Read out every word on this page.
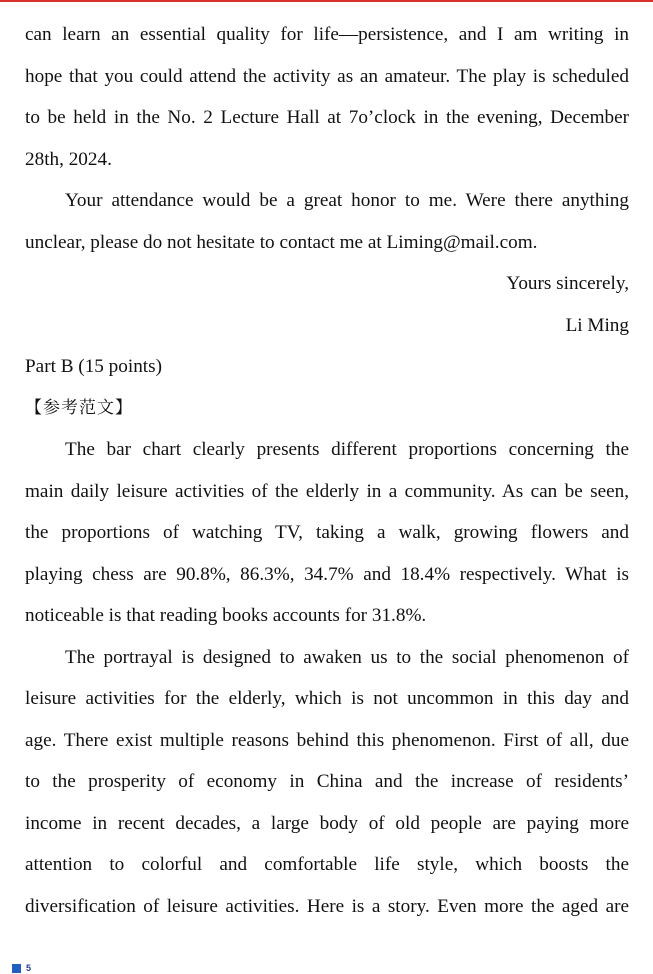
can learn an essential quality for life—persistence, and I am writing in
hope that you could attend the activity as an amateur. The play is scheduled
to be held in the No. 2 Lecture Hall at 7o’clock in the evening, December
28th, 2024.
Your attendance would be a great honor to me. Were there anything
unclear, please do not hesitate to contact me at Liming@mail.com.
Yours sincerely,
Li Ming
Part B (15 points)
【参考范文】
The bar chart clearly presents different proportions concerning the
main daily leisure activities of the elderly in a community. As can be seen,
the proportions of watching TV, taking a walk, growing flowers and
playing chess are 90.8%, 86.3%, 34.7% and 18.4% respectively. What is
noticeable is that reading books accounts for 31.8%.
The portrayal is designed to awaken us to the social phenomenon of
leisure activities for the elderly, which is not uncommon in this day and
age. There exist multiple reasons behind this phenomenon. First of all, due
to the prosperity of economy in China and the increase of residents’
income in recent decades, a large body of old people are paying more
attention to colorful and comfortable life style, which boosts the
diversification of leisure activities. Here is a story. Even more the aged are
5
